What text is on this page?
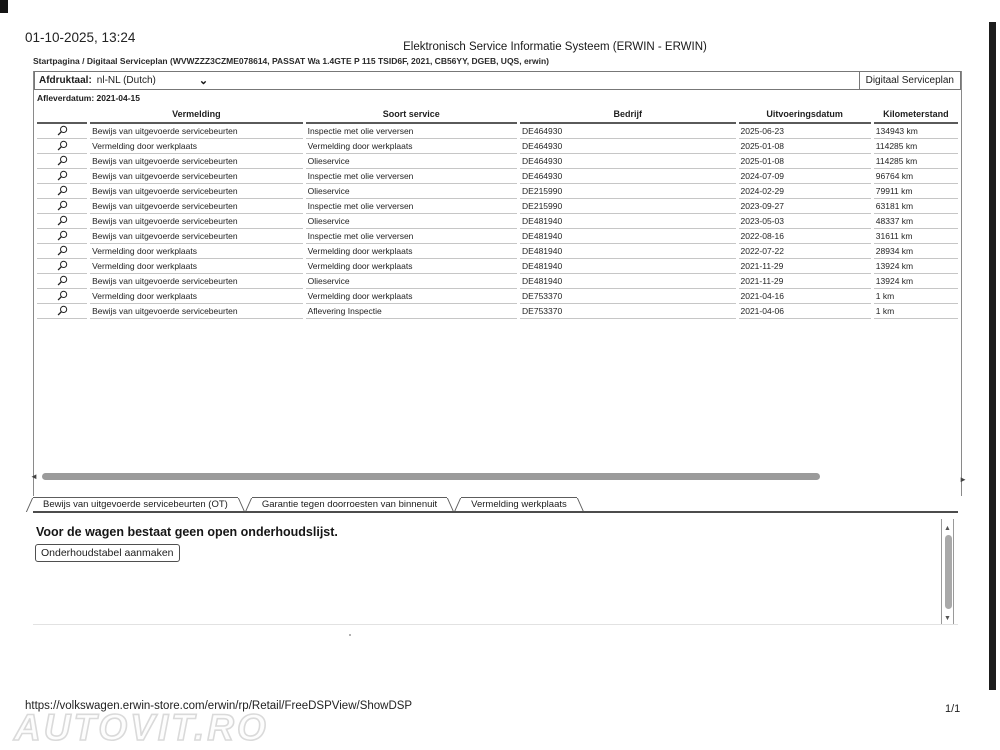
01-10-2025, 13:24
Elektronisch Service Informatie Systeem (ERWIN - ERWIN)
Startpagina / Digitaal Serviceplan (WVWZZZ3CZME078614, PASSAT Wa 1.4GTE P 115 TSID6F, 2021, CB56YY, DGEB, UQS, erwin)
Afdruktaal: nl-NL (Dutch)	⌄	Digitaal Serviceplan
Afleverdatum: 2021-04-15
	Vermelding	Soort service	Bedrijf	Uitvoeringsdatum	Kilometerstand
	Bewijs van uitgevoerde servicebeurten	Inspectie met olie verversen	DE464930	2025-06-23	134943 km
	Vermelding door werkplaats	Vermelding door werkplaats	DE464930	2025-01-08	114285 km
	Bewijs van uitgevoerde servicebeurten	Olieservice	DE464930	2025-01-08	114285 km
	Bewijs van uitgevoerde servicebeurten	Inspectie met olie verversen	DE464930	2024-07-09	96764 km
	Bewijs van uitgevoerde servicebeurten	Olieservice	DE215990	2024-02-29	79911 km
	Bewijs van uitgevoerde servicebeurten	Inspectie met olie verversen	DE215990	2023-09-27	63181 km
	Bewijs van uitgevoerde servicebeurten	Olieservice	DE481940	2023-05-03	48337 km
	Bewijs van uitgevoerde servicebeurten	Inspectie met olie verversen	DE481940	2022-08-16	31611 km
	Vermelding door werkplaats	Vermelding door werkplaats	DE481940	2022-07-22	28934 km
	Vermelding door werkplaats	Vermelding door werkplaats	DE481940	2021-11-29	13924 km
	Bewijs van uitgevoerde servicebeurten	Olieservice	DE481940	2021-11-29	13924 km
	Vermelding door werkplaats	Vermelding door werkplaats	DE753370	2021-04-16	1 km
	Bewijs van uitgevoerde servicebeurten	Aflevering Inspectie	DE753370	2021-04-06	1 km
◄	►
Bewijs van uitgevoerde servicebeurten (OT)	Garantie tegen doorroesten van binnenuit	Vermelding werkplaats
Voor de wagen bestaat geen open onderhoudslijst.
Onderhoudstabel aanmaken
▲
▼
https://volkswagen.erwin-store.com/erwin/rp/Retail/FreeDSPView/ShowDSP	1/1
AUTOVIT.RO
